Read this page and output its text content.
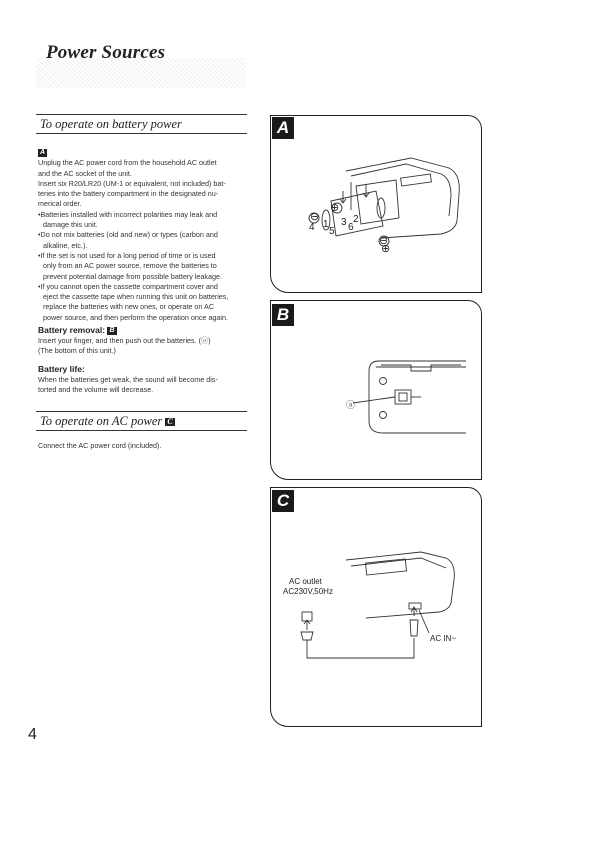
Power Sources
To operate on battery power

A

Unplug the AC power cord from the household AC outlet

and the AC socket of the unit.

Insert six R20/LR20 (UM-1 or equivalent, not included) bat-

teries into the battery compartment in the designated nu-

merical order.

•Batteries installed with incorrect polarities may leak and

damage this unit.

•Do not mix batteries (old and new) or types (carbon and

alkaline, etc.).

•If the set is not used for a long period of time or is used

only from an AC power source, remove the batteries to

prevent potential damage from possible battery leakage.

•If you cannot open the cassette compartment cover and

eject the cassette tape when running this unit on batteries,

replace the batteries with new ones, or operate on AC

power source, and then perform the operation once again.

Battery removal: B

Insert your finger, and then push out the batteries. (ⓐ)

(The bottom of this unit.)

Battery life:

When the batteries get weak, the sound will become dis-

torted and the volume will decrease.

To operate on AC power C
Connect the AC power cord (included).
1 3 2
4 5 6
⊖
⊖
⊕
⊕
A
ⓐ
B
AC outlet
AC230V,50Hz
AC IN~
C
4
